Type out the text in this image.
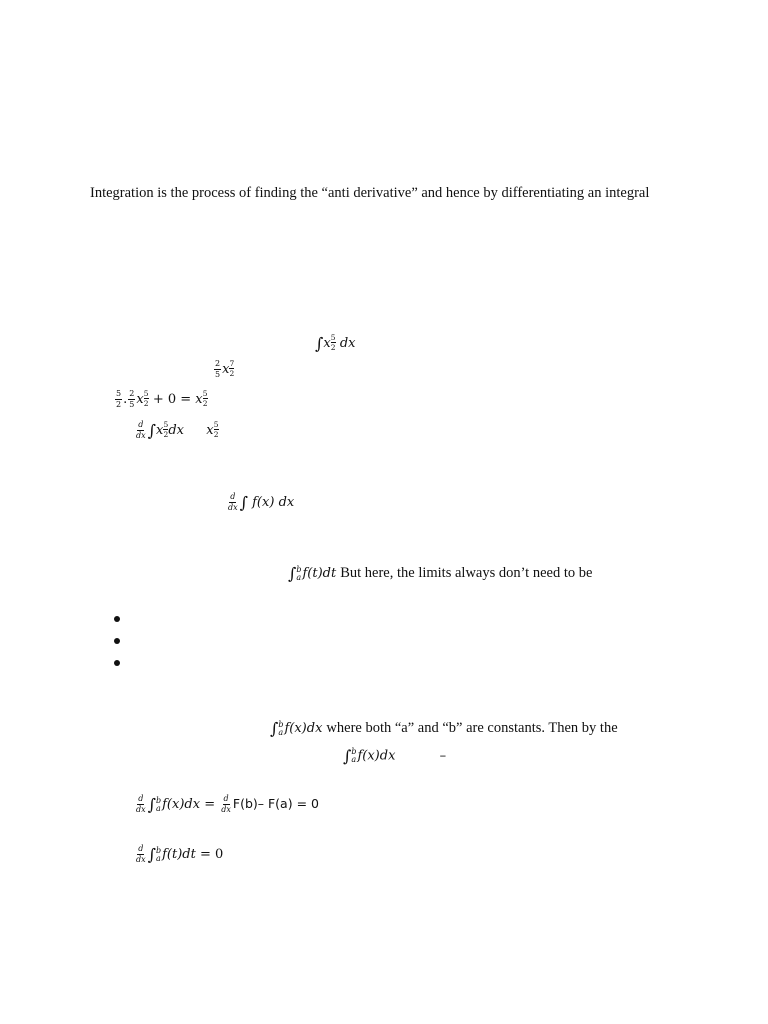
Integration is the process of finding the “anti derivative” and hence by differentiating an integral
$\int x \frac{5}{2}$ dx
$\frac{2}{5}$ x $\frac{7}{2}$
$\frac{5}{2}$ . $\frac{2}{5}$ x $\frac{5}{2} + 0 = x \frac{5}{2}$
$\frac{d}{dx} \int x \frac{5}{2}$ dx x $\frac{5}{2}$
$\frac{d}{dx}$ ∫ f(x) dx
∫ b
a f(t)dt But here, the limits always don’t need to be
∫ b
a f(x)dx where both “a” and “b” are constants. Then by the
∫ b
a f(x)dx	–
$\frac{d}{dx}$ ∫ b
a $f(x)dx = \frac{d}{dx} F(b)-$ F(a) = 0
$\frac{d}{dx}$ ∫ b
a f(t)dt = 0
